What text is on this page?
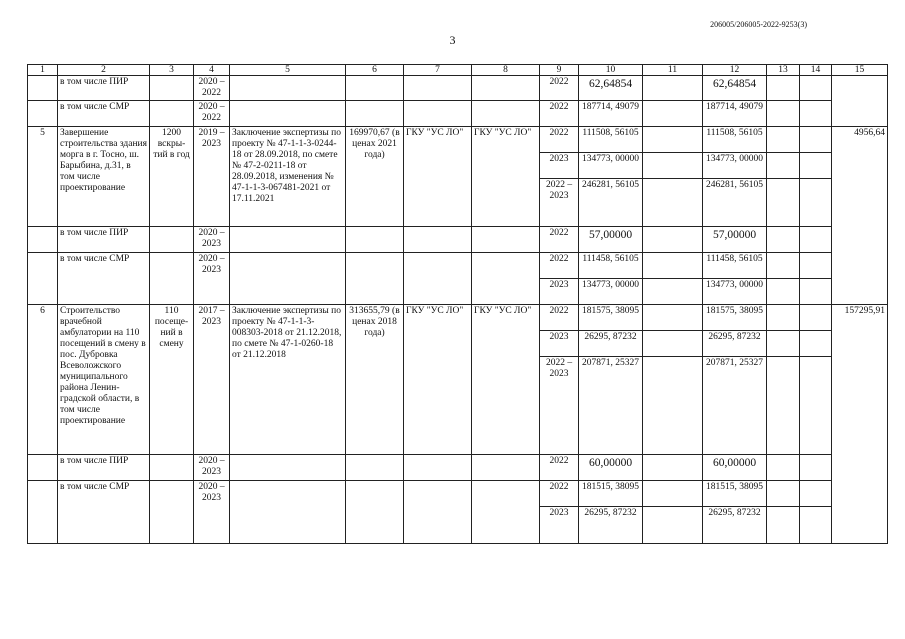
206005/206005-2022-9253(3)
3
1	2	3	4	5	6	7	8	9	10	11	12	13	14	15
	в том числе ПИР		2020 – 2022					2022	62,64854		62,64854			
	в том числе СМР		2020 – 2022					2022	187714, 49079		187714, 49079			
5	Завершение строительства здания морга в г. Тосно, ш. Барыбина, д.31, в том числе проектирование	1200 вскры-тий в год	2019 – 2023	Заключение экспертизы по проекту № 47-1-1-3-0244-18 от 28.09.2018, по смете № 47-2-0211-18 от 28.09.2018, изменения № 47-1-1-3-067481-2021 от 17.11.2021	169970,67 (в ценах 2021 года)	ГКУ "УС ЛО"	ГКУ "УС ЛО"	2022	111508, 56105		111508, 56105			4956,64
								2023	134773, 00000		134773, 00000			
								2022 – 2023	246281, 56105		246281, 56105			
	в том числе ПИР		2020 – 2023					2022	57,00000		57,00000			
	в том числе СМР		2020 – 2023					2022	111458, 56105		111458, 56105			
								2023	134773, 00000		134773, 00000			
6	Строительство врачебной амбулатории на 110 посещений в смену в пос. Дубровка Всеволожского муниципального района Ленин-градской области, в том числе проектирование	110 посеще-ний в смену	2017 – 2023	Заключение экспертизы по проекту № 47-1-1-3-008303-2018 от 21.12.2018, по смете № 47-1-0260-18 от 21.12.2018	313655,79 (в ценах 2018 года)	ГКУ "УС ЛО"	ГКУ "УС ЛО"	2022	181575, 38095		181575, 38095			157295,91
								2023	26295, 87232		26295, 87232			
								2022 – 2023	207871, 25327		207871, 25327			
	в том числе ПИР		2020 – 2023					2022	60,00000		60,00000			
	в том числе СМР		2020 – 2023					2022	181515, 38095		181515, 38095			
								2023	26295, 87232		26295, 87232			
